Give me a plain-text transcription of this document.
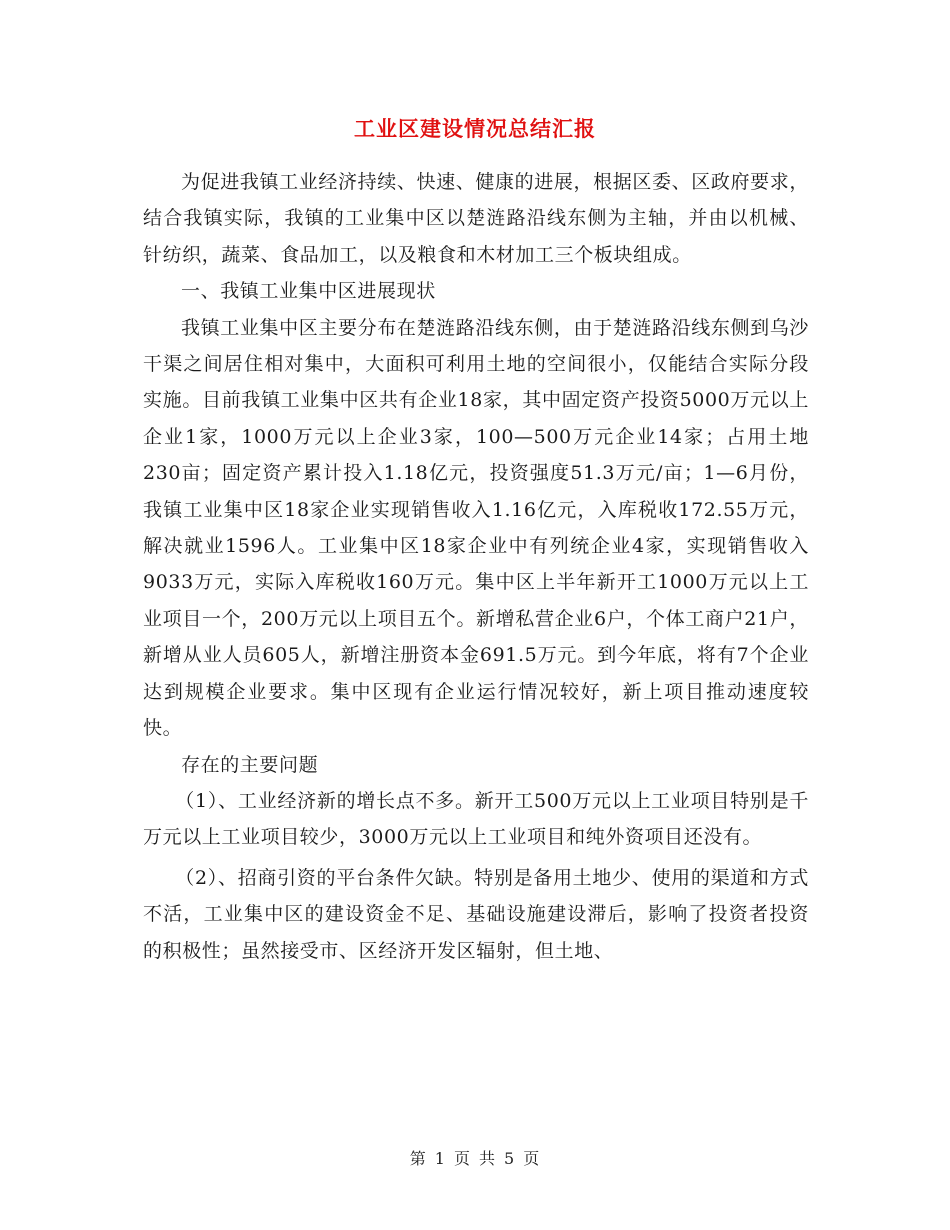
工业区建设情况总结汇报

为促进我镇工业经济持续、快速、健康的进展，根据区委、区政府要求，结合我镇实际，我镇的工业集中区以楚涟路沿线东侧为主轴，并由以机械、针纺织，蔬菜、食品加工，以及粮食和木材加工三个板块组成。

一、我镇工业集中区进展现状

我镇工业集中区主要分布在楚涟路沿线东侧，由于楚涟路沿线东侧到乌沙干渠之间居住相对集中，大面积可利用土地的空间很小，仅能结合实际分段实施。目前我镇工业集中区共有企业18家，其中固定资产投资5000万元以上企业1家，1000万元以上企业3家，100—500万元企业14家；占用土地230亩；固定资产累计投入1.18亿元，投资强度51.3万元/亩；1—6月份，我镇工业集中区18家企业实现销售收入1.16亿元，入库税收172.55万元，解决就业1596人。工业集中区18家企业中有列统企业4家，实现销售收入9033万元，实际入库税收160万元。集中区上半年新开工1000万元以上工业项目一个，200万元以上项目五个。新增私营企业6户，个体工商户21户，新增从业人员605人，新增注册资本金691.5万元。到今年底，将有7个企业达到规模企业要求。集中区现有企业运行情况较好，新上项目推动速度较快。

存在的主要问题

（1）、工业经济新的增长点不多。新开工500万元以上工业项目特别是千万元以上工业项目较少，3000万元以上工业项目和纯外资项目还没有。

（2）、招商引资的平台条件欠缺。特别是备用土地少、使用的渠道和方式不活，工业集中区的建设资金不足、基础设施建设滞后，影响了投资者投资的积极性；虽然接受市、区经济开发区辐射，但土地、

第 1 页 共 5 页
